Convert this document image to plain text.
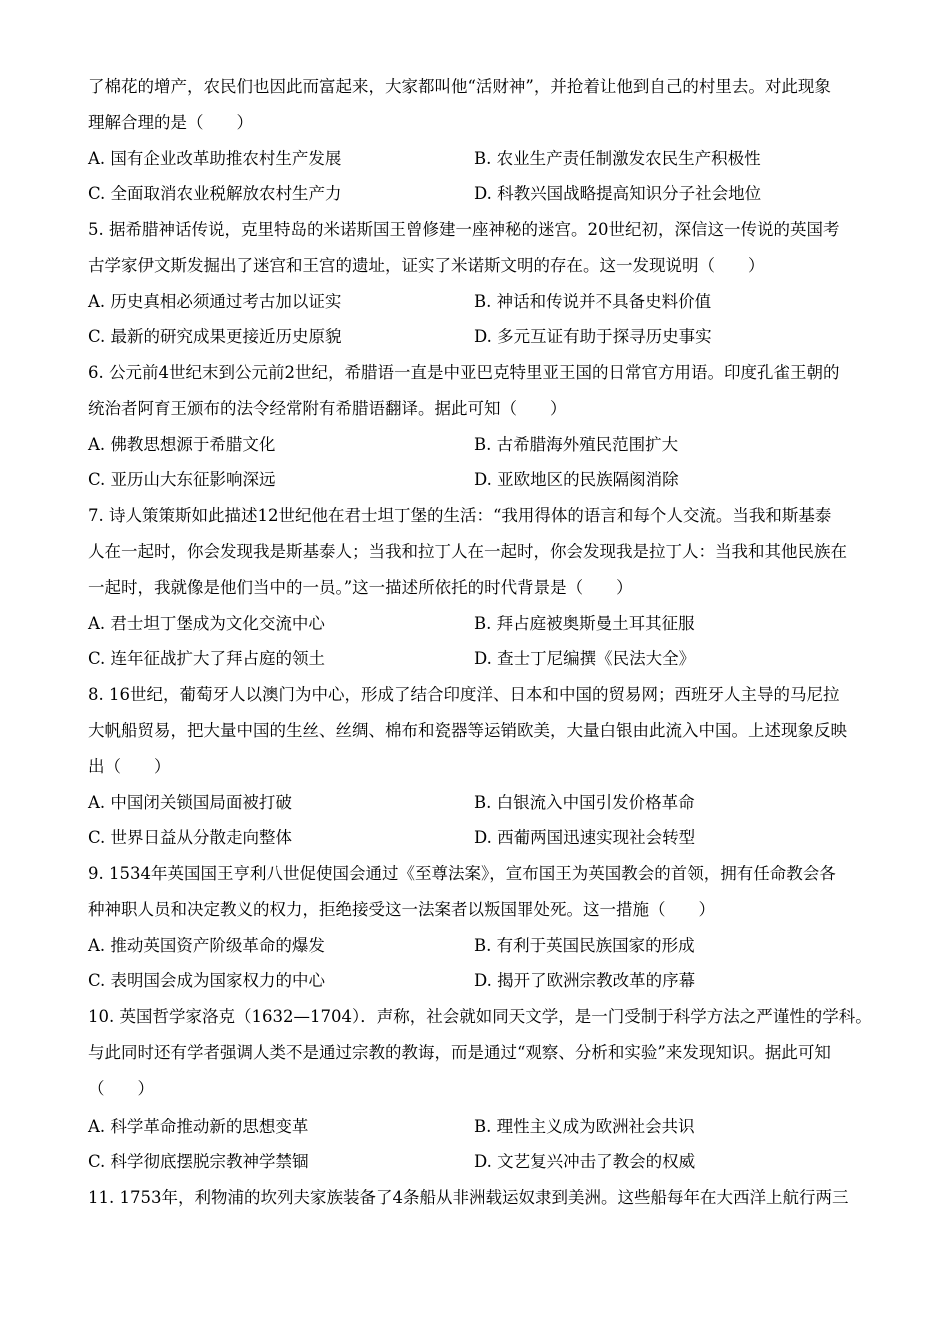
了棉花的增产，农民们也因此而富起来，大家都叫他“活财神”，并抢着让他到自己的村里去。对此现象
理解合理的是（　　）
A. 国有企业改革助推农村生产发展	B. 农业生产责任制激发农民生产积极性
C. 全面取消农业税解放农村生产力	D. 科教兴国战略提高知识分子社会地位
5. 据希腊神话传说，克里特岛的米诺斯国王曾修建一座神秘的迷宫。20世纪初，深信这一传说的英国考
古学家伊文斯发掘出了迷宫和王宫的遗址，证实了米诺斯文明的存在。这一发现说明（　　）
A. 历史真相必须通过考古加以证实	B. 神话和传说并不具备史料价值
C. 最新的研究成果更接近历史原貌	D. 多元互证有助于探寻历史事实
6. 公元前4世纪末到公元前2世纪，希腊语一直是中亚巴克特里亚王国的日常官方用语。印度孔雀王朝的
统治者阿育王颁布的法令经常附有希腊语翻译。据此可知（　　）
A. 佛教思想源于希腊文化	B. 古希腊海外殖民范围扩大
C. 亚历山大东征影响深远	D. 亚欧地区的民族隔阂消除
7. 诗人策策斯如此描述12世纪他在君士坦丁堡的生活：“我用得体的语言和每个人交流。当我和斯基泰
人在一起时，你会发现我是斯基泰人；当我和拉丁人在一起时，你会发现我是拉丁人：当我和其他民族在
一起时，我就像是他们当中的一员。”这一描述所依托的时代背景是（　　）
A. 君士坦丁堡成为文化交流中心	B. 拜占庭被奥斯曼土耳其征服
C. 连年征战扩大了拜占庭的领土	D. 查士丁尼编撰《民法大全》
8. 16世纪，葡萄牙人以澳门为中心，形成了结合印度洋、日本和中国的贸易网；西班牙人主导的马尼拉
大帆船贸易，把大量中国的生丝、丝绸、棉布和瓷器等运销欧美，大量白银由此流入中国。上述现象反映
出（　　）
A. 中国闭关锁国局面被打破	B. 白银流入中国引发价格革命
C. 世界日益从分散走向整体	D. 西葡两国迅速实现社会转型
9. 1534年英国国王亨利八世促使国会通过《至尊法案》，宣布国王为英国教会的首领，拥有任命教会各
种神职人员和决定教义的权力，拒绝接受这一法案者以叛国罪处死。这一措施（　　）
A. 推动英国资产阶级革命的爆发	B. 有利于英国民族国家的形成
C. 表明国会成为国家权力的中心	D. 揭开了欧洲宗教改革的序幕
10. 英国哲学家洛克（1632—1704）．声称，社会就如同天文学，是一门受制于科学方法之严谨性的学科。
与此同时还有学者强调人类不是通过宗教的教诲，而是通过“观察、分析和实验”来发现知识。据此可知
（　　）
A. 科学革命推动新的思想变革	B. 理性主义成为欧洲社会共识
C. 科学彻底摆脱宗教神学禁锢	D. 文艺复兴冲击了教会的权威
11. 1753年，利物浦的坎列夫家族装备了4条船从非洲载运奴隶到美洲。这些船每年在大西洋上航行两三
